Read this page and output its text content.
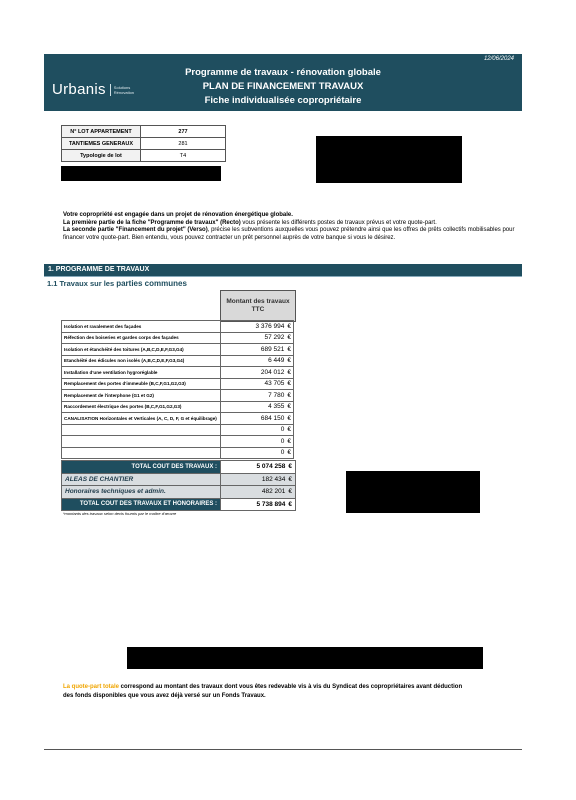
12/06/2024
Urbanis Solutions
Rénovation
Programme de travaux - rénovation globale
PLAN DE FINANCEMENT TRAVAUX
Fiche individualisée copropriétaire
N° LOT APPARTEMENT	277
TANTIEMES GENERAUX	281
Typologie de lot	T4
Votre copropriété est engagée dans un projet de rénovation énergétique globale.
La première partie de la fiche "Programme de travaux" (Recto) vous présente les différents postes de travaux prévus et votre quote-part.
La seconde partie "Financement du projet" (Verso), précise les subventions auxquelles vous pouvez prétendre ainsi que les offres de prêts collectifs mobilisables pour financer votre quote-part. Bien entendu, vous pouvez contracter un prêt personnel auprès de votre banque si vous le désirez.
1. PROGRAMME DE TRAVAUX
1.1 Travaux sur les parties communes
Montant des travaux TTC
Isolation et ravalement des façades	3 376 994 €
Réfection des boiseries et gardes corps des façades	57 292 €
Isolation et étanchéité des toitures (A,B,C,D,E,F,G3,G4)	689 521 €
Etanchéité des édicules non isolés (A,B,C,D,E,F,G3,G4)	6 449 €
Installation d'une ventilation hygroréglable	204 012 €
Remplacement des portes d'immeuble (B,C,F,G1,G2,G3)	43 705 €
Remplacement de l'interphone (G1 et G2)	7 780 €
Raccordement électrique des portes (B,C,F,G1,G2,G3)	4 355 €
CANALISATION Horizontales et Verticales (A, C, D, F, G et équilibrage)	684 150 €
	0 €
	0 €
	0 €
TOTAL COUT DES TRAVAUX :	5 074 258 €
ALEAS DE CHANTIER	182 434 €
Honoraires techniques et admin.	482 201 €
TOTAL COUT DES TRAVAUX ET HONORAIRES :	5 738 894 €
*montants des travaux selon devis fournis par le maître d'œuvre
La quote-part totale correspond au montant des travaux dont vous êtes redevable vis à vis du Syndicat des copropriétaires avant déduction des fonds disponibles que vous avez déjà versé sur un Fonds Travaux.
